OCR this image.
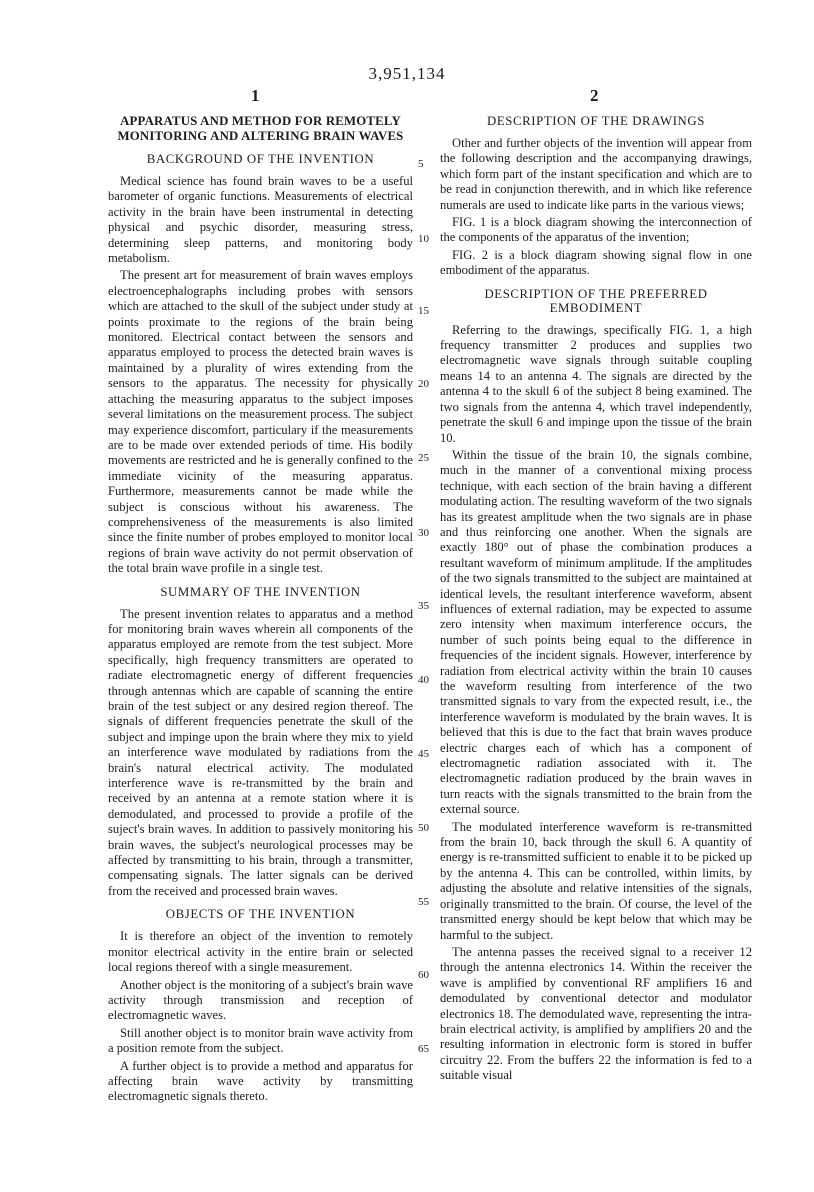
3,951,134
1	2
APPARATUS AND METHOD FOR REMOTELY
MONITORING AND ALTERING BRAIN WAVES
BACKGROUND OF THE INVENTION

Medical science has found brain waves to be a useful barometer of organic functions. Measurements of electrical activity in the brain have been instrumental in detecting physical and psychic disorder, measuring stress, determining sleep patterns, and monitoring body metabolism.

The present art for measurement of brain waves employs electroencephalographs including probes with sensors which are attached to the skull of the subject under study at points proximate to the regions of the brain being monitored. Electrical contact between the sensors and apparatus employed to process the detected brain waves is maintained by a plurality of wires extending from the sensors to the apparatus. The necessity for physically attaching the measuring apparatus to the subject imposes several limitations on the measurement process. The subject may experience discomfort, particulary if the measurements are to be made over extended periods of time. His bodily movements are restricted and he is generally confined to the immediate vicinity of the measuring apparatus. Furthermore, measurements cannot be made while the subject is conscious without his awareness. The comprehensiveness of the measurements is also limited since the finite number of probes employed to monitor local regions of brain wave activity do not permit observation of the total brain wave profile in a single test.

SUMMARY OF THE INVENTION

The present invention relates to apparatus and a method for monitoring brain waves wherein all components of the apparatus employed are remote from the test subject. More specifically, high frequency transmitters are operated to radiate electromagnetic energy of different frequencies through antennas which are capable of scanning the entire brain of the test subject or any desired region thereof. The signals of different frequencies penetrate the skull of the subject and impinge upon the brain where they mix to yield an interference wave modulated by radiations from the brain's natural electrical activity. The modulated interference wave is re-transmitted by the brain and received by an antenna at a remote station where it is demodulated, and processed to provide a profile of the suject's brain waves. In addition to passively monitoring his brain waves, the subject's neurological processes may be affected by transmitting to his brain, through a transmitter, compensating signals. The latter signals can be derived from the received and processed brain waves.

OBJECTS OF THE INVENTION

It is therefore an object of the invention to remotely monitor electrical activity in the entire brain or selected local regions thereof with a single measurement.

Another object is the monitoring of a subject's brain wave activity through transmission and reception of electromagnetic waves.

Still another object is to monitor brain wave activity from a position remote from the subject.

A further object is to provide a method and apparatus for affecting brain wave activity by transmitting electromagnetic signals thereto.

DESCRIPTION OF THE DRAWINGS

Other and further objects of the invention will appear from the following description and the accompanying drawings, which form part of the instant specification and which are to be read in conjunction therewith, and in which like reference numerals are used to indicate like parts in the various views;

FIG. 1 is a block diagram showing the interconnection of the components of the apparatus of the invention;

FIG. 2 is a block diagram showing signal flow in one embodiment of the apparatus.

DESCRIPTION OF THE PREFERRED
EMBODIMENT

Referring to the drawings, specifically FIG. 1, a high frequency transmitter 2 produces and supplies two electromagnetic wave signals through suitable coupling means 14 to an antenna 4. The signals are directed by the antenna 4 to the skull 6 of the subject 8 being examined. The two signals from the antenna 4, which travel independently, penetrate the skull 6 and impinge upon the tissue of the brain 10.

Within the tissue of the brain 10, the signals combine, much in the manner of a conventional mixing process technique, with each section of the brain having a different modulating action. The resulting waveform of the two signals has its greatest amplitude when the two signals are in phase and thus reinforcing one another. When the signals are exactly 180° out of phase the combination produces a resultant waveform of minimum amplitude. If the amplitudes of the two signals transmitted to the subject are maintained at identical levels, the resultant interference waveform, absent influences of external radiation, may be expected to assume zero intensity when maximum interference occurs, the number of such points being equal to the difference in frequencies of the incident signals. However, interference by radiation from electrical activity within the brain 10 causes the waveform resulting from interference of the two transmitted signals to vary from the expected result, i.e., the interference waveform is modulated by the brain waves. It is believed that this is due to the fact that brain waves produce electric charges each of which has a component of electromagnetic radiation associated with it. The electromagnetic radiation produced by the brain waves in turn reacts with the signals transmitted to the brain from the external source.

The modulated interference waveform is re-transmitted from the brain 10, back through the skull 6. A quantity of energy is re-transmitted sufficient to enable it to be picked up by the antenna 4. This can be controlled, within limits, by adjusting the absolute and relative intensities of the signals, originally transmitted to the brain. Of course, the level of the transmitted energy should be kept below that which may be harmful to the subject.

The antenna passes the received signal to a receiver 12 through the antenna electronics 14. Within the receiver the wave is amplified by conventional RF amplifiers 16 and demodulated by conventional detector and modulator electronics 18. The demodulated wave, representing the intra-brain electrical activity, is amplified by amplifiers 20 and the resulting information in electronic form is stored in buffer circuitry 22. From the buffers 22 the information is fed to a suitable visual

5
10
15
20
25
30
35
40
45
50
55
60
65
